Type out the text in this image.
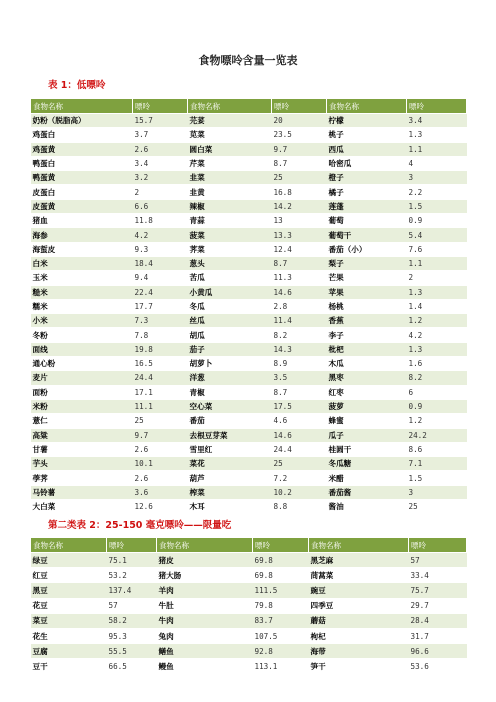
食物嘌呤含量一览表
表 1：低嘌呤
食物名称	嘌呤	食物名称	嘌呤	食物名称	嘌呤
奶粉（脱脂高）	15.7	芫荽	20	柠檬	3.4
鸡蛋白	3.7	苋菜	23.5	桃子	1.3
鸡蛋黄	2.6	圆白菜	9.7	西瓜	1.1
鸭蛋白	3.4	芹菜	8.7	哈密瓜	4
鸭蛋黄	3.2	韭菜	25	橙子	3
皮蛋白	2	韭黄	16.8	橘子	2.2
皮蛋黄	6.6	辣椒	14.2	莲蓬	1.5
猪血	11.8	青蒜	13	葡萄	0.9
海参	4.2	菠菜	13.3	葡萄干	5.4
海蜇皮	9.3	荠菜	12.4	番茄（小）	7.6
白米	18.4	葱头	8.7	梨子	1.1
玉米	9.4	苦瓜	11.3	芒果	2
糙米	22.4	小黄瓜	14.6	苹果	1.3
糯米	17.7	冬瓜	2.8	杨桃	1.4
小米	7.3	丝瓜	11.4	香蕉	1.2
冬粉	7.8	胡瓜	8.2	李子	4.2
面线	19.8	茄子	14.3	枇杷	1.3
通心粉	16.5	胡萝卜	8.9	木瓜	1.6
麦片	24.4	洋葱	3.5	黑枣	8.2
面粉	17.1	青椒	8.7	红枣	6
米粉	11.1	空心菜	17.5	菠萝	0.9
薏仁	25	番茄	4.6	蜂蜜	1.2
高粱	9.7	去根豆芽菜	14.6	瓜子	24.2
甘薯	2.6	雪里红	24.4	桂圆干	8.6
芋头	10.1	菜花	25	冬瓜糖	7.1
荸荠	2.6	葫芦	7.2	米醋	1.5
马铃薯	3.6	榨菜	10.2	番茄酱	3
大白菜	12.6	木耳	8.8	酱油	25
第二类表 2：25-150 毫克嘌呤——限量吃
食物名称	嘌呤	食物名称	嘌呤	食物名称	嘌呤
绿豆	75.1	猪皮	69.8	黑芝麻	57
红豆	53.2	猪大肠	69.8	茼蒿菜	33.4
黑豆	137.4	羊肉	111.5	豌豆	75.7
花豆	57	牛肚	79.8	四季豆	29.7
菜豆	58.2	牛肉	83.7	蘑菇	28.4
花生	95.3	兔肉	107.5	枸杞	31.7
豆腐	55.5	鳝鱼	92.8	海带	96.6
豆干	66.5	鳗鱼	113.1	笋干	53.6
